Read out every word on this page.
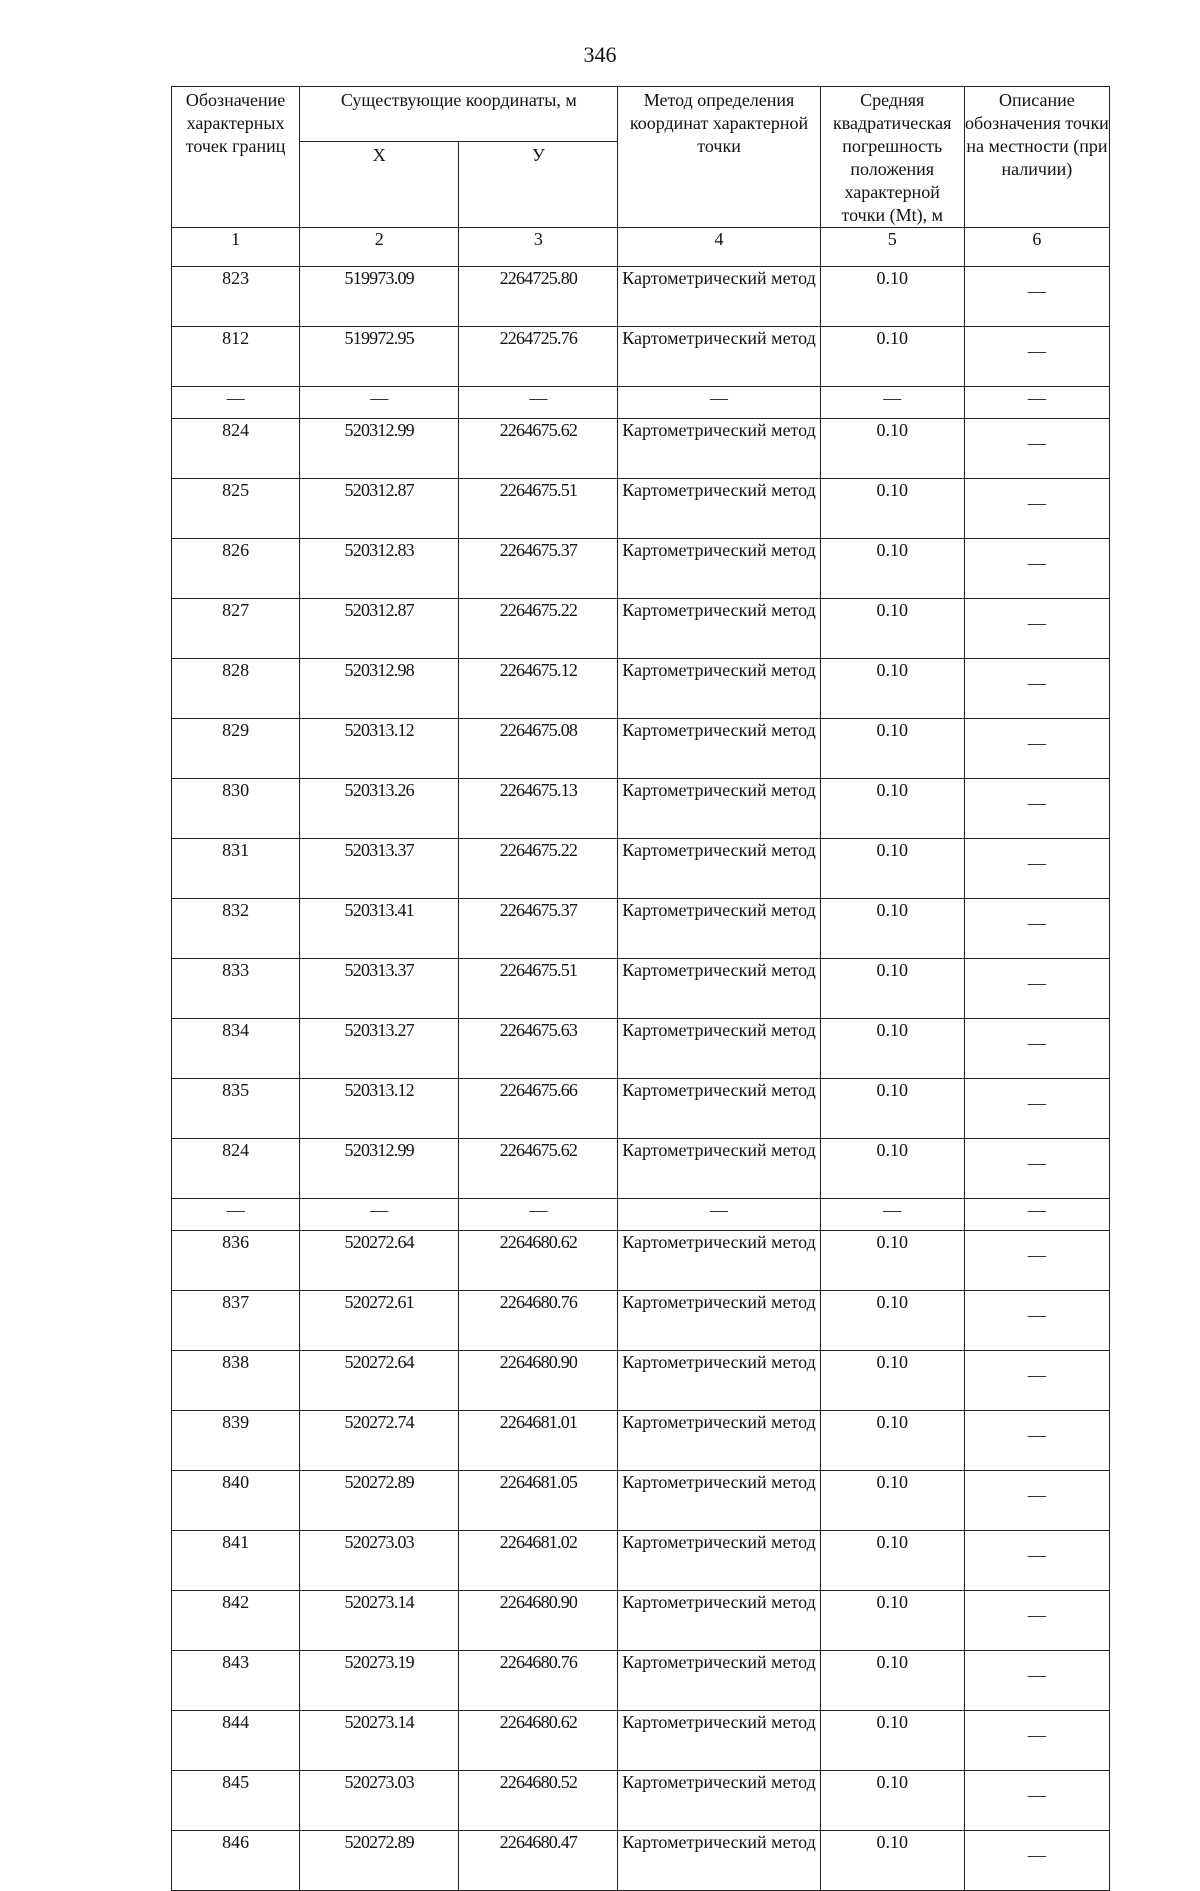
346
Обозначение характерных точек границ	Существующие координаты, м		Метод определения координат характерной точки	Средняя квадратическая погрешность положения характерной точки (Mt), м	Описание обозначения точки на местности (при наличии)
	Х	У			
1	2	3	4	5	6
823	519973.09	2264725.80	Картометрический метод	0.10	—
812	519972.95	2264725.76	Картометрический метод	0.10	—
—	—	—	—	—	—
824	520312.99	2264675.62	Картометрический метод	0.10	—
825	520312.87	2264675.51	Картометрический метод	0.10	—
826	520312.83	2264675.37	Картометрический метод	0.10	—
827	520312.87	2264675.22	Картометрический метод	0.10	—
828	520312.98	2264675.12	Картометрический метод	0.10	—
829	520313.12	2264675.08	Картометрический метод	0.10	—
830	520313.26	2264675.13	Картометрический метод	0.10	—
831	520313.37	2264675.22	Картометрический метод	0.10	—
832	520313.41	2264675.37	Картометрический метод	0.10	—
833	520313.37	2264675.51	Картометрический метод	0.10	—
834	520313.27	2264675.63	Картометрический метод	0.10	—
835	520313.12	2264675.66	Картометрический метод	0.10	—
824	520312.99	2264675.62	Картометрический метод	0.10	—
—	—	—	—	—	—
836	520272.64	2264680.62	Картометрический метод	0.10	—
837	520272.61	2264680.76	Картометрический метод	0.10	—
838	520272.64	2264680.90	Картометрический метод	0.10	—
839	520272.74	2264681.01	Картометрический метод	0.10	—
840	520272.89	2264681.05	Картометрический метод	0.10	—
841	520273.03	2264681.02	Картометрический метод	0.10	—
842	520273.14	2264680.90	Картометрический метод	0.10	—
843	520273.19	2264680.76	Картометрический метод	0.10	—
844	520273.14	2264680.62	Картометрический метод	0.10	—
845	520273.03	2264680.52	Картометрический метод	0.10	—
846	520272.89	2264680.47	Картометрический метод	0.10	—
